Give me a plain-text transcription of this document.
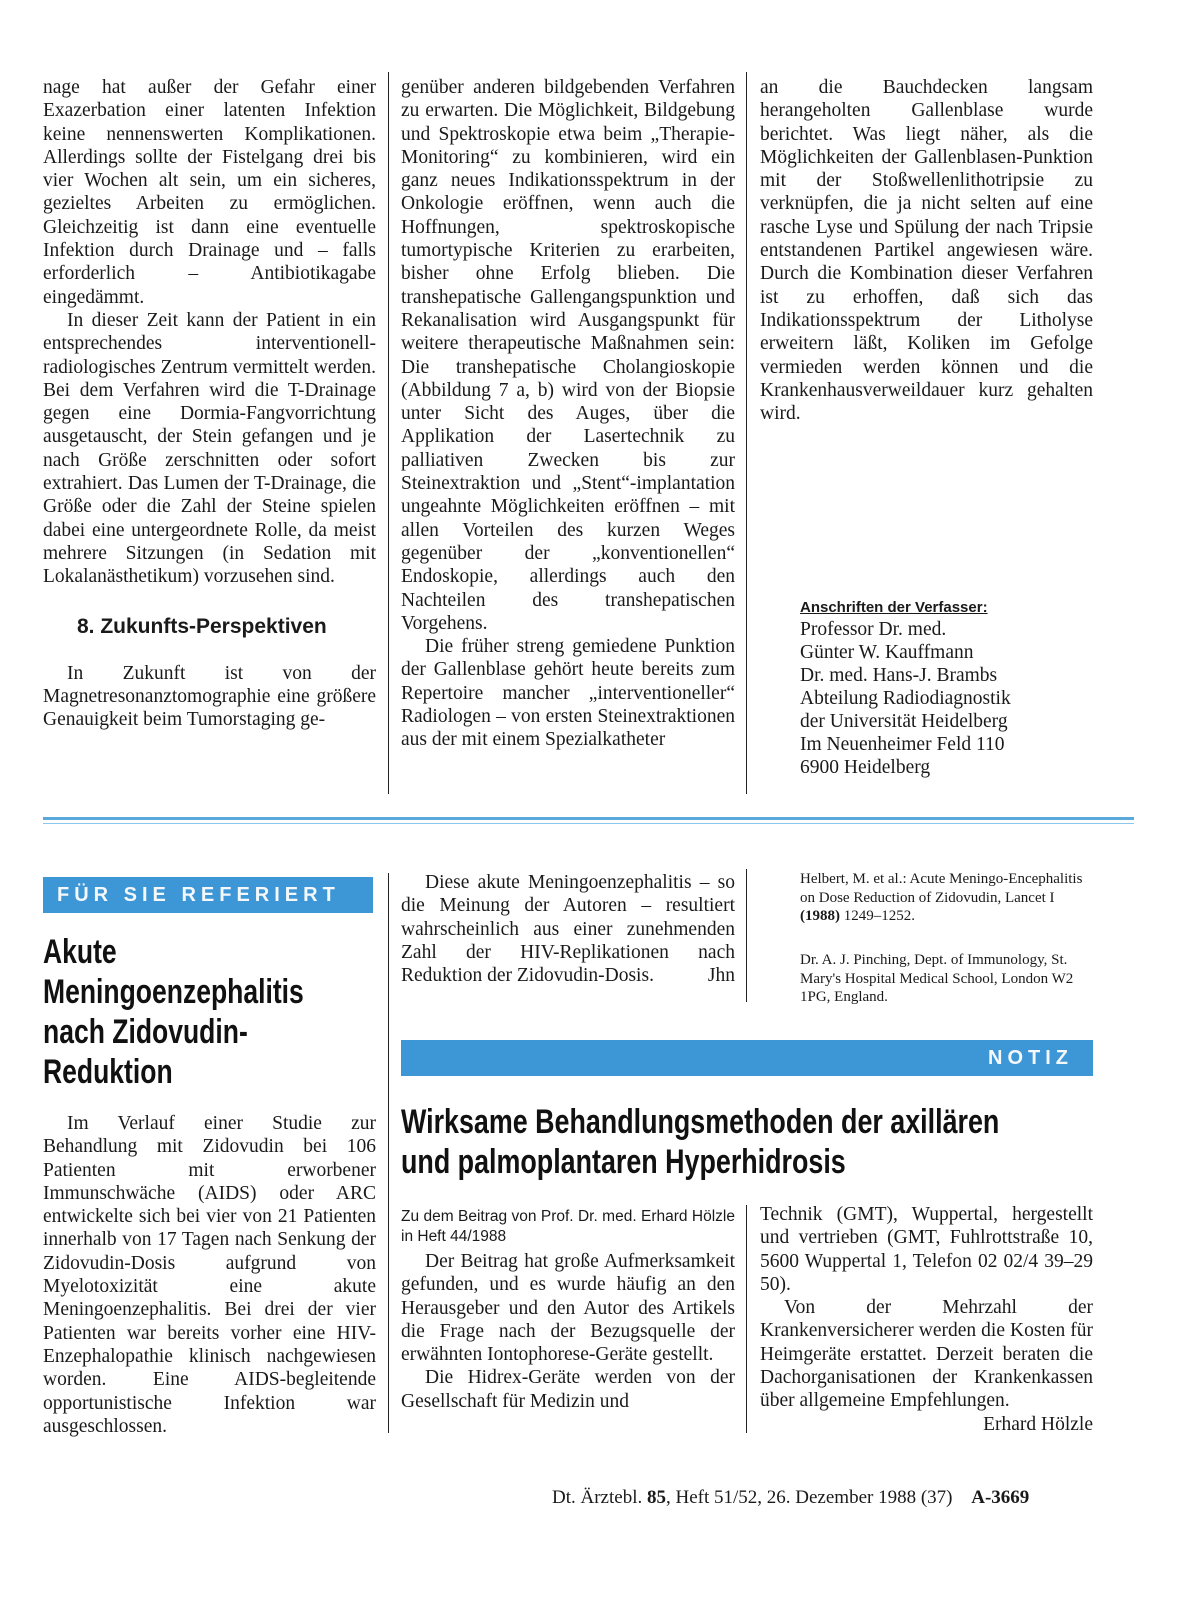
nage hat außer der Gefahr einer Exazerbation einer latenten Infektion keine nennenswerten Komplikationen. Allerdings sollte der Fistelgang drei bis vier Wochen alt sein, um ein sicheres, gezieltes Arbeiten zu ermöglichen. Gleichzeitig ist dann eine eventuelle Infektion durch Drainage und – falls erforderlich – Antibiotikagabe eingedämmt.

In dieser Zeit kann der Patient in ein entsprechendes interventionell-radiologisches Zentrum vermittelt werden. Bei dem Verfahren wird die T-Drainage gegen eine Dormia-Fangvorrichtung ausgetauscht, der Stein gefangen und je nach Größe zerschnitten oder sofort extrahiert. Das Lumen der T-Drainage, die Größe oder die Zahl der Steine spielen dabei eine untergeordnete Rolle, da meist mehrere Sitzungen (in Sedation mit Lokalanästhetikum) vorzusehen sind.

8. Zukunfts-Perspektiven

In Zukunft ist von der Magnetresonanztomographie eine größere Genauigkeit beim Tumorstaging ge-

genüber anderen bildgebenden Verfahren zu erwarten. Die Möglichkeit, Bildgebung und Spektroskopie etwa beim „Therapie-Monitoring“ zu kombinieren, wird ein ganz neues Indikationsspektrum in der Onkologie eröffnen, wenn auch die Hoffnungen, spektroskopische tumortypische Kriterien zu erarbeiten, bisher ohne Erfolg blieben. Die transhepatische Gallengangspunktion und Rekanalisation wird Ausgangspunkt für weitere therapeutische Maßnahmen sein: Die transhepatische Cholangioskopie (Abbildung 7 a, b) wird von der Biopsie unter Sicht des Auges, über die Applikation der Lasertechnik zu palliativen Zwecken bis zur Steinextraktion und „Stent“-implantation ungeahnte Möglichkeiten eröffnen – mit allen Vorteilen des kurzen Weges gegenüber der „konventionellen“ Endoskopie, allerdings auch den Nachteilen des transhepatischen Vorgehens.

Die früher streng gemiedene Punktion der Gallenblase gehört heute bereits zum Repertoire mancher „interventioneller“ Radiologen – von ersten Steinextraktionen aus der mit einem Spezialkatheter

an die Bauchdecken langsam herangeholten Gallenblase wurde berichtet. Was liegt näher, als die Möglichkeiten der Gallenblasen-Punktion mit der Stoßwellenlithotripsie zu verknüpfen, die ja nicht selten auf eine rasche Lyse und Spülung der nach Tripsie entstandenen Partikel angewiesen wäre. Durch die Kombination dieser Verfahren ist zu erhoffen, daß sich das Indikationsspektrum der Litholyse erweitern läßt, Koliken im Gefolge vermieden werden können und die Krankenhausverweildauer kurz gehalten wird.

Anschriften der Verfasser:
Professor Dr. med.
Günter W. Kauffmann
Dr. med. Hans-J. Brambs
Abteilung Radiodiagnostik
der Universität Heidelberg
Im Neuenheimer Feld 110
6900 Heidelberg
FÜR SIE REFERIERT
Akute
Meningoenzephalitis
nach Zidovudin-
Reduktion

Im Verlauf einer Studie zur Behandlung mit Zidovudin bei 106 Patienten mit erworbener Immunschwäche (AIDS) oder ARC entwickelte sich bei vier von 21 Patienten innerhalb von 17 Tagen nach Senkung der Zidovudin-Dosis aufgrund von Myelotoxizität eine akute Meningoenzephalitis. Bei drei der vier Patienten war bereits vorher eine HIV-Enzephalopathie klinisch nachgewiesen worden. Eine AIDS-begleitende opportunistische Infektion war ausgeschlossen.

Diese akute Meningoenzephalitis – so die Meinung der Autoren – resultiert wahrscheinlich aus einer zunehmenden Zahl der HIV-Replikationen nach Reduktion der Zidovudin-Dosis.	Jhn

Helbert, M. et al.: Acute Meningo-Encephalitis on Dose Reduction of Zidovudin, Lancet I (1988) 1249–1252.
Dr. A. J. Pinching, Dept. of Immunology, St. Mary's Hospital Medical School, London W2 1PG, England.
NOTIZ
Wirksame Behandlungsmethoden der axillären
und palmoplantaren Hyperhidrosis

Zu dem Beitrag von Prof. Dr. med. Erhard Hölzle in Heft 44/1988

Der Beitrag hat große Aufmerksamkeit gefunden, und es wurde häufig an den Herausgeber und den Autor des Artikels die Frage nach der Bezugsquelle der erwähnten Iontophorese-Geräte gestellt.

Die Hidrex-Geräte werden von der Gesellschaft für Medizin und

Technik (GMT), Wuppertal, hergestellt und vertrieben (GMT, Fuhlrottstraße 10, 5600 Wuppertal 1, Telefon 02 02/4 39–29 50).

Von der Mehrzahl der Krankenversicherer werden die Kosten für Heimgeräte erstattet. Derzeit beraten die Dachorganisationen der Krankenkassen über allgemeine Empfehlungen.
Erhard Hölzle

Dt. Ärztebl. 85, Heft 51/52, 26. Dezember 1988 (37) A-3669
